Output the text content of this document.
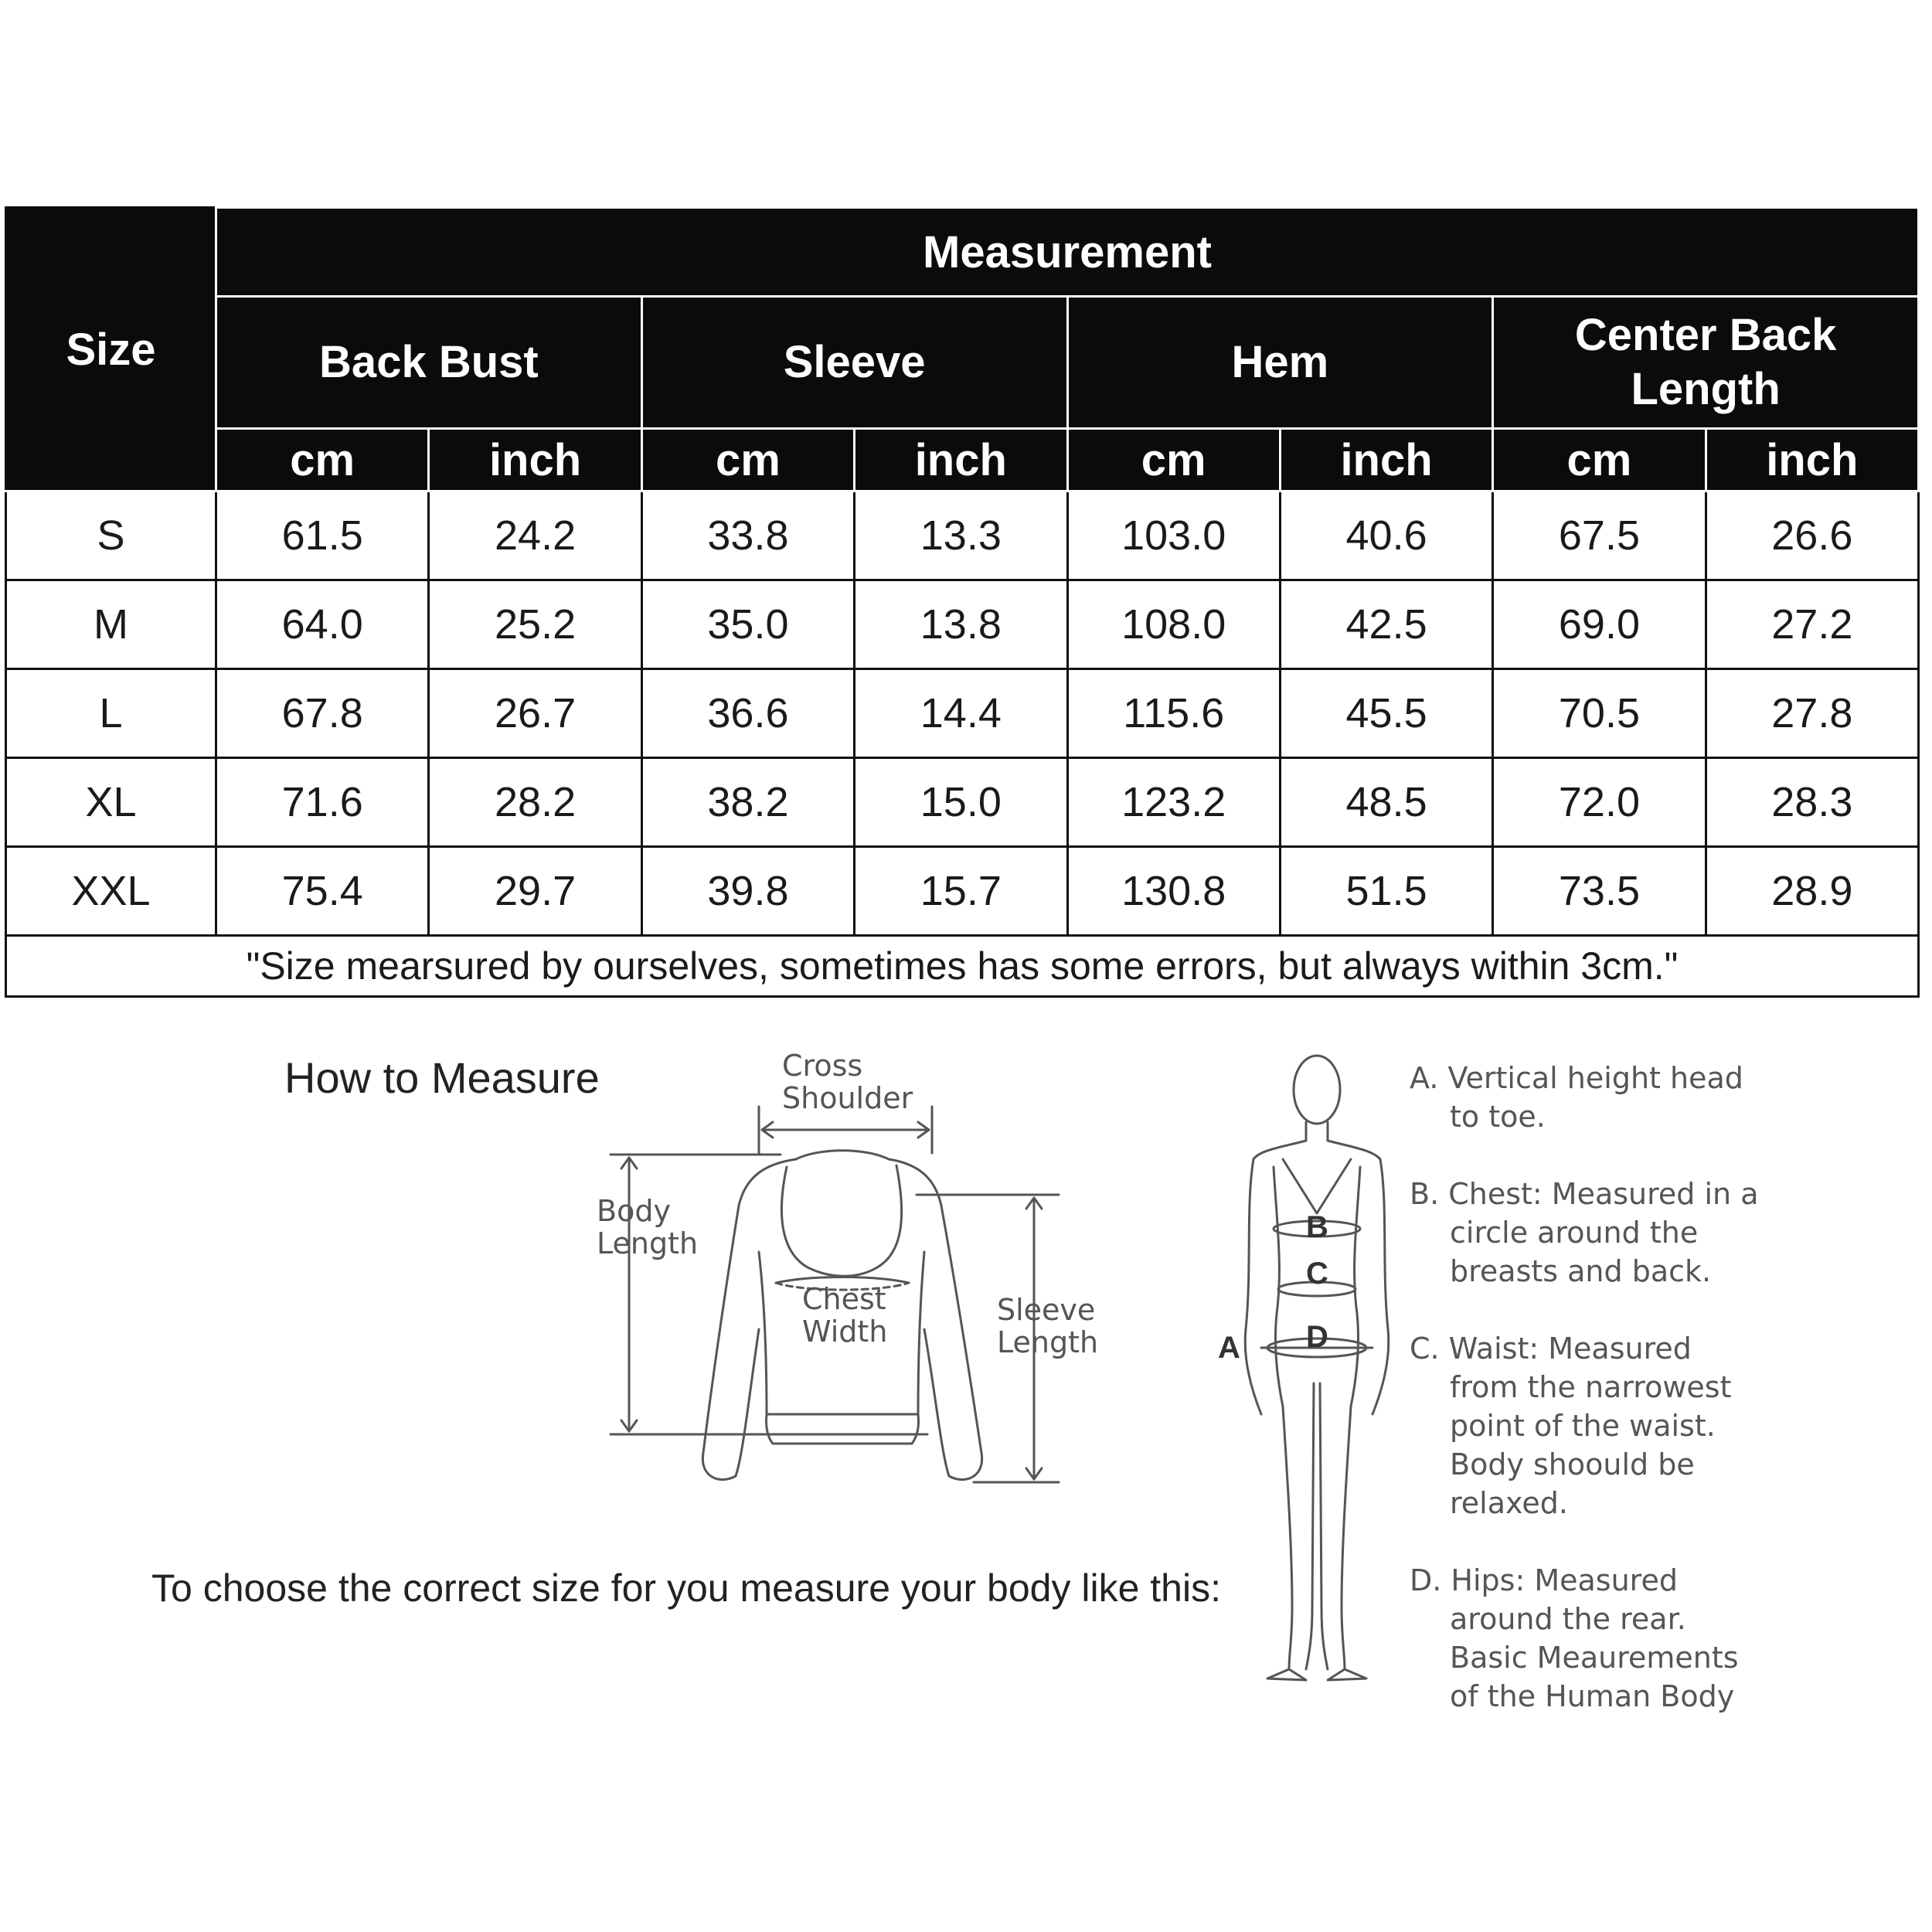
Size	Measurement							
	Back Bust		Sleeve		Hem		Center Back Length	
	cm	inch	cm	inch	cm	inch	cm	inch
S	61.5	24.2	33.8	13.3	103.0	40.6	67.5	26.6
M	64.0	25.2	35.0	13.8	108.0	42.5	69.0	27.2
L	67.8	26.7	36.6	14.4	115.6	45.5	70.5	27.8
XL	71.6	28.2	38.2	15.0	123.2	48.5	72.0	28.3
XXL	75.4	29.7	39.8	15.7	130.8	51.5	73.5	28.9
"Size mearsured by ourselves, sometimes has some errors, but always within 3cm."								
How to Measure
To choose the correct size for you measure your body like this:
Cross
Shoulder
Body
Length
Chest
Width
Sleeve
Length	A
B
C
D
A. Vertical height head
to toe.
B. Chest: Measured in a
circle around the
breasts and back.
C. Waist: Measured
from the narrowest
point of the waist.
Body shoould be
relaxed.
D. Hips: Measured
around the rear.
Basic Meaurements
of the Human Body
